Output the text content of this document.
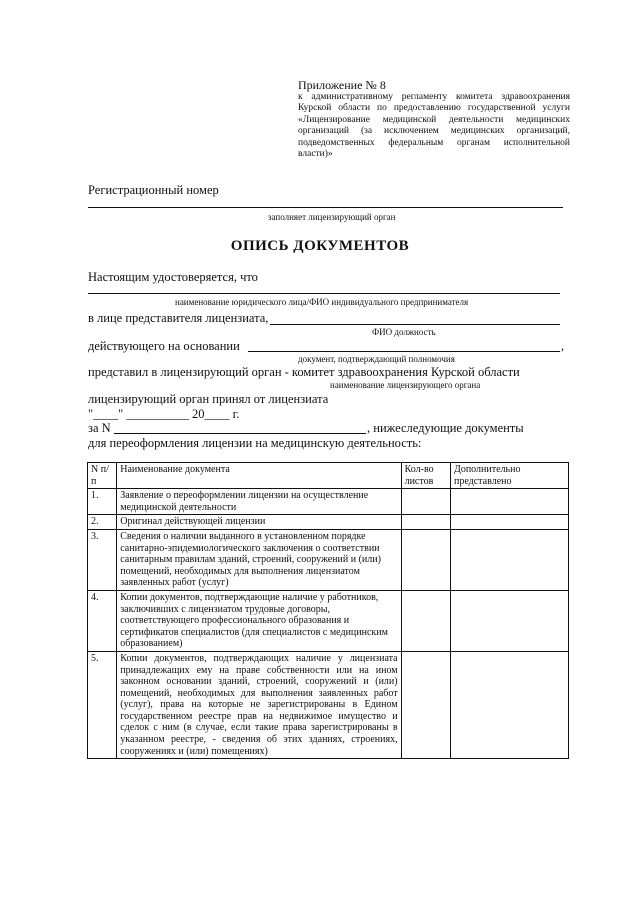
Приложение № 8
к административному регламенту комитета здравоохранения Курской области по предоставлению государственной услуги «Лицензирование медицинской деятельности медицинских организаций (за исключением медицинских организаций, подведомственных федеральным органам исполнительной власти)»
Регистрационный номер
заполняет лицензирующий орган
ОПИСЬ ДОКУМЕНТОВ
Настоящим удостоверяется, что
наименование юридического лица/ФИО индивидуального предпринимателя
в лице представителя лицензиата,
ФИО должность
действующего на основании	,
документ, подтверждающий полномочия
представил в лицензирующий орган - комитет здравоохранения Курской области
наименование лицензирующего органа
лицензирующий орган принял от лицензиата
"____" __________ 20____ г.
за N	, нижеследующие документы
для переоформления лицензии на медицинскую деятельность:
N п/п	Наименование документа	Кол-во листов	Дополнительно представлено
1.	Заявление о переоформлении лицензии на осуществление медицинской деятельности		
2.	Оригинал действующей лицензии		
3.	Сведения о наличии выданного в установленном порядке санитарно-эпидемиологического заключения о соответствии санитарным правилам зданий, строений, сооружений и (или) помещений, необходимых для выполнения лицензиатом заявленных работ (услуг)		
4.	Копии документов, подтверждающие наличие у работников, заключивших с лицензиатом трудовые договоры, соответствующего профессионального образования и сертификатов специалистов (для специалистов с медицинским образованием)		
5.	Копии документов, подтверждающих наличие у лицензиата принадлежащих ему на праве собственности или на ином законном основании зданий, строений, сооружений и (или) помещений, необходимых для выполнения заявленных работ (услуг), права на которые не зарегистрированы в Едином государственном реестре прав на недвижимое имущество и сделок с ним (в случае, если такие права зарегистрированы в указанном реестре, - сведения об этих зданиях, строениях, сооружениях и (или) помещениях)		
